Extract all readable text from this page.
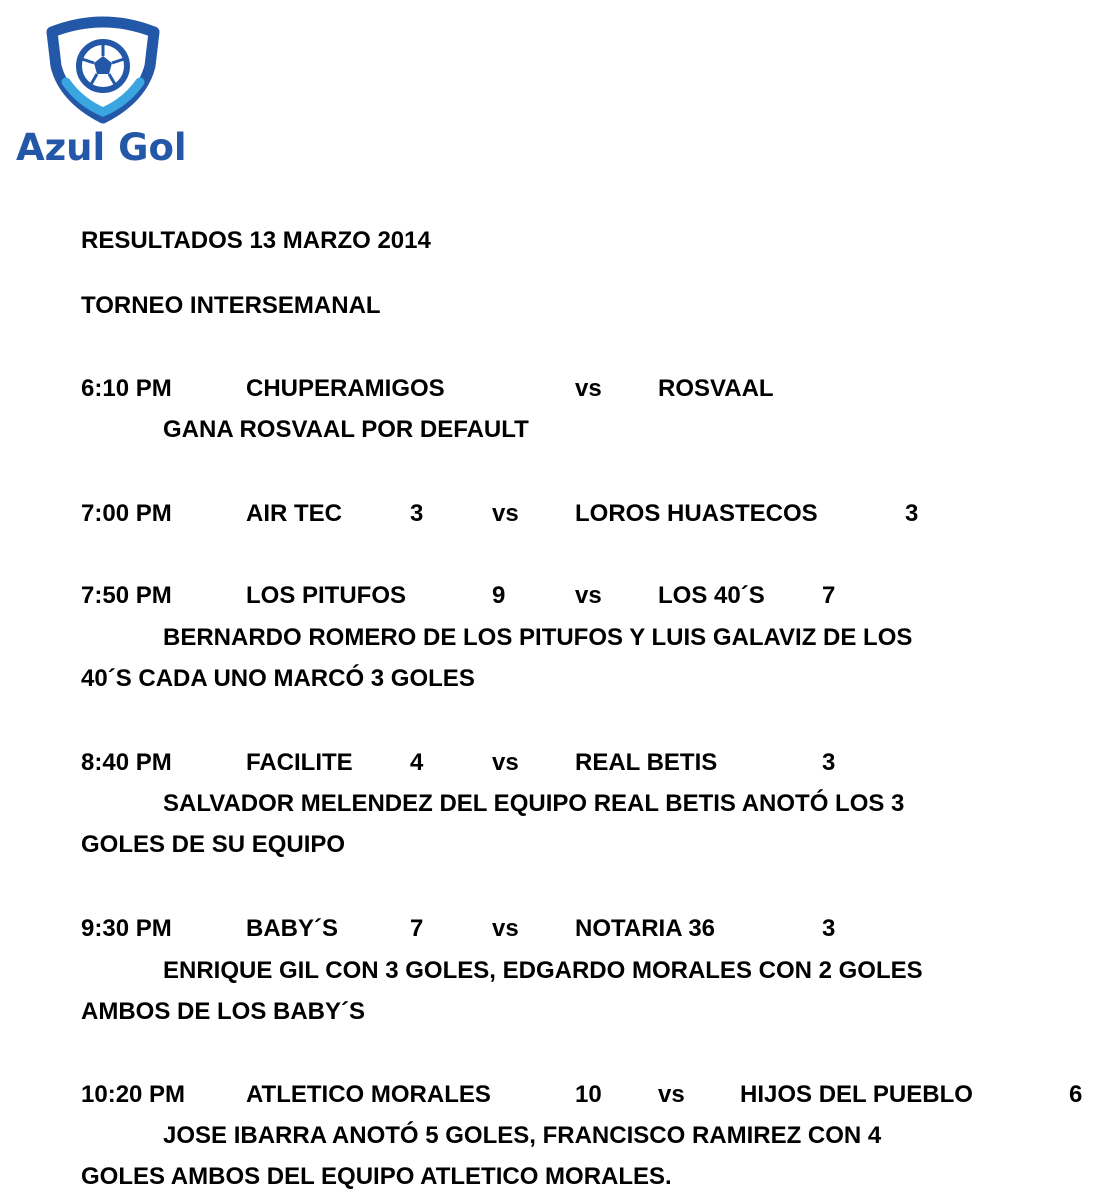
Azul Gol
RESULTADOS 13 MARZO 2014
TORNEO INTERSEMANAL
6:10 PM	CHUPERAMIGOS	vs ROSVAAL
GANA ROSVAAL POR DEFAULT
7:00 PM	AIR TEC	3	vs LOROS HUASTECOS	3
7:50 PM	LOS PITUFOS	9	vs LOS 40´S 7
BERNARDO ROMERO DE LOS PITUFOS Y LUIS GALAVIZ DE LOS
40´S CADA UNO MARCÓ 3 GOLES
8:40 PM	FACILITE 4	vs REAL BETIS	3
SALVADOR MELENDEZ DEL EQUIPO REAL BETIS ANOTÓ LOS 3
GOLES DE SU EQUIPO
9:30 PM	BABY´S	7	vs NOTARIA 36	3
ENRIQUE GIL CON 3 GOLES, EDGARDO MORALES CON 2 GOLES
AMBOS DE LOS BABY´S
10:20 PM	ATLETICO MORALES	10 vs HIJOS DEL PUEBLO	6
JOSE IBARRA ANOTÓ 5 GOLES, FRANCISCO RAMIREZ CON 4
GOLES AMBOS DEL EQUIPO ATLETICO MORALES.
